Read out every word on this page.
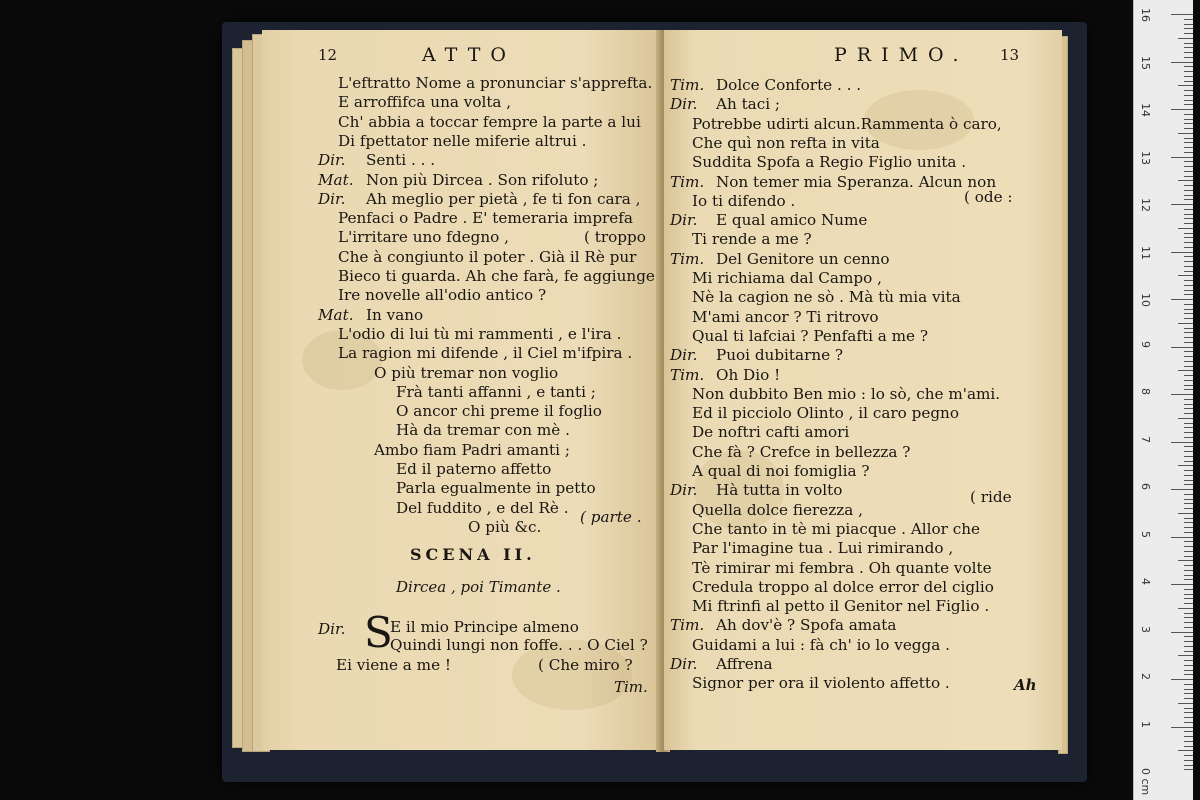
12	ATTO
L'eftratto Nome a pronunciar s'apprefta.
E arroffifca una volta ,
Ch' abbia a toccar fempre la parte a lui
Di fpettator nelle miferie altrui .
Dir. Senti . . .
Mat. Non più Dircea . Son rifoluto ;
Dir. Ah meglio per pietà , fe ti fon cara ,
Penfaci o Padre . E' temeraria imprefa
L'irritare uno fdegno ,
Che à congiunto il poter . Già il Rè pur
Bieco ti guarda. Ah che farà, fe aggiunge
Ire novelle all'odio antico ?
Mat. In vano
L'odio di lui tù mi rammenti , e l'ira .
La ragion mi difende , il Ciel m'ifpira .
O più tremar non voglio
Frà tanti affanni , e tanti ;
O ancor chi preme il foglio
Hà da tremar con mè .
Ambo fiam Padri amanti ;
Ed il paterno affetto
Parla egualmente in petto
Del fuddito , e del Rè .
O più &c.
( troppo
( parte .
SCENA II.
Dircea , poi Timante .
S
Dir.	E il mio Principe almeno
Quindi lungi non foffe. . . O Ciel ?
Ei viene a me !	( Che miro ?
Tim.
PRIMO. 13
Tim. Dolce Conforte . . .
Dir. Ah taci ;
Potrebbe udirti alcun.Rammenta ò caro,
Che quì non refta in vita
Suddita Spofa a Regio Figlio unita .
Tim. Non temer mia Speranza. Alcun non
Io ti difendo .
Dir. E qual amico Nume
Ti rende a me ?
Tim. Del Genitore un cenno
Mi richiama dal Campo ,
Nè la cagion ne sò . Mà tù mia vita
M'ami ancor ? Ti ritrovo
Qual ti lafciai ? Penfafti a me ?
Dir. Puoi dubitarne ?
Tim. Oh Dio !
Non dubbito Ben mio : lo sò, che m'ami.
Ed il picciolo Olinto , il caro pegno
De noftri cafti amori
Che fà ? Crefce in bellezza ?
A qual di noi fomiglia ?
Dir. Hà tutta in volto
Quella dolce fierezza ,
Che tanto in tè mi piacque . Allor che
Par l'imagine tua . Lui rimirando ,
Tè rimirar mi fembra . Oh quante volte
Credula troppo al dolce error del ciglio
Mi ftrinfi al petto il Genitor nel Figlio .
Tim. Ah dov'è ? Spofa amata
Guidami a lui : fà ch' io lo vegga .
Dir. Affrena
Signor per ora il violento affetto .
( ode :
( ride
Ah
16
15
14
13
12
11
10
9
8
7
6
5
4
3
2
1
0 cm
